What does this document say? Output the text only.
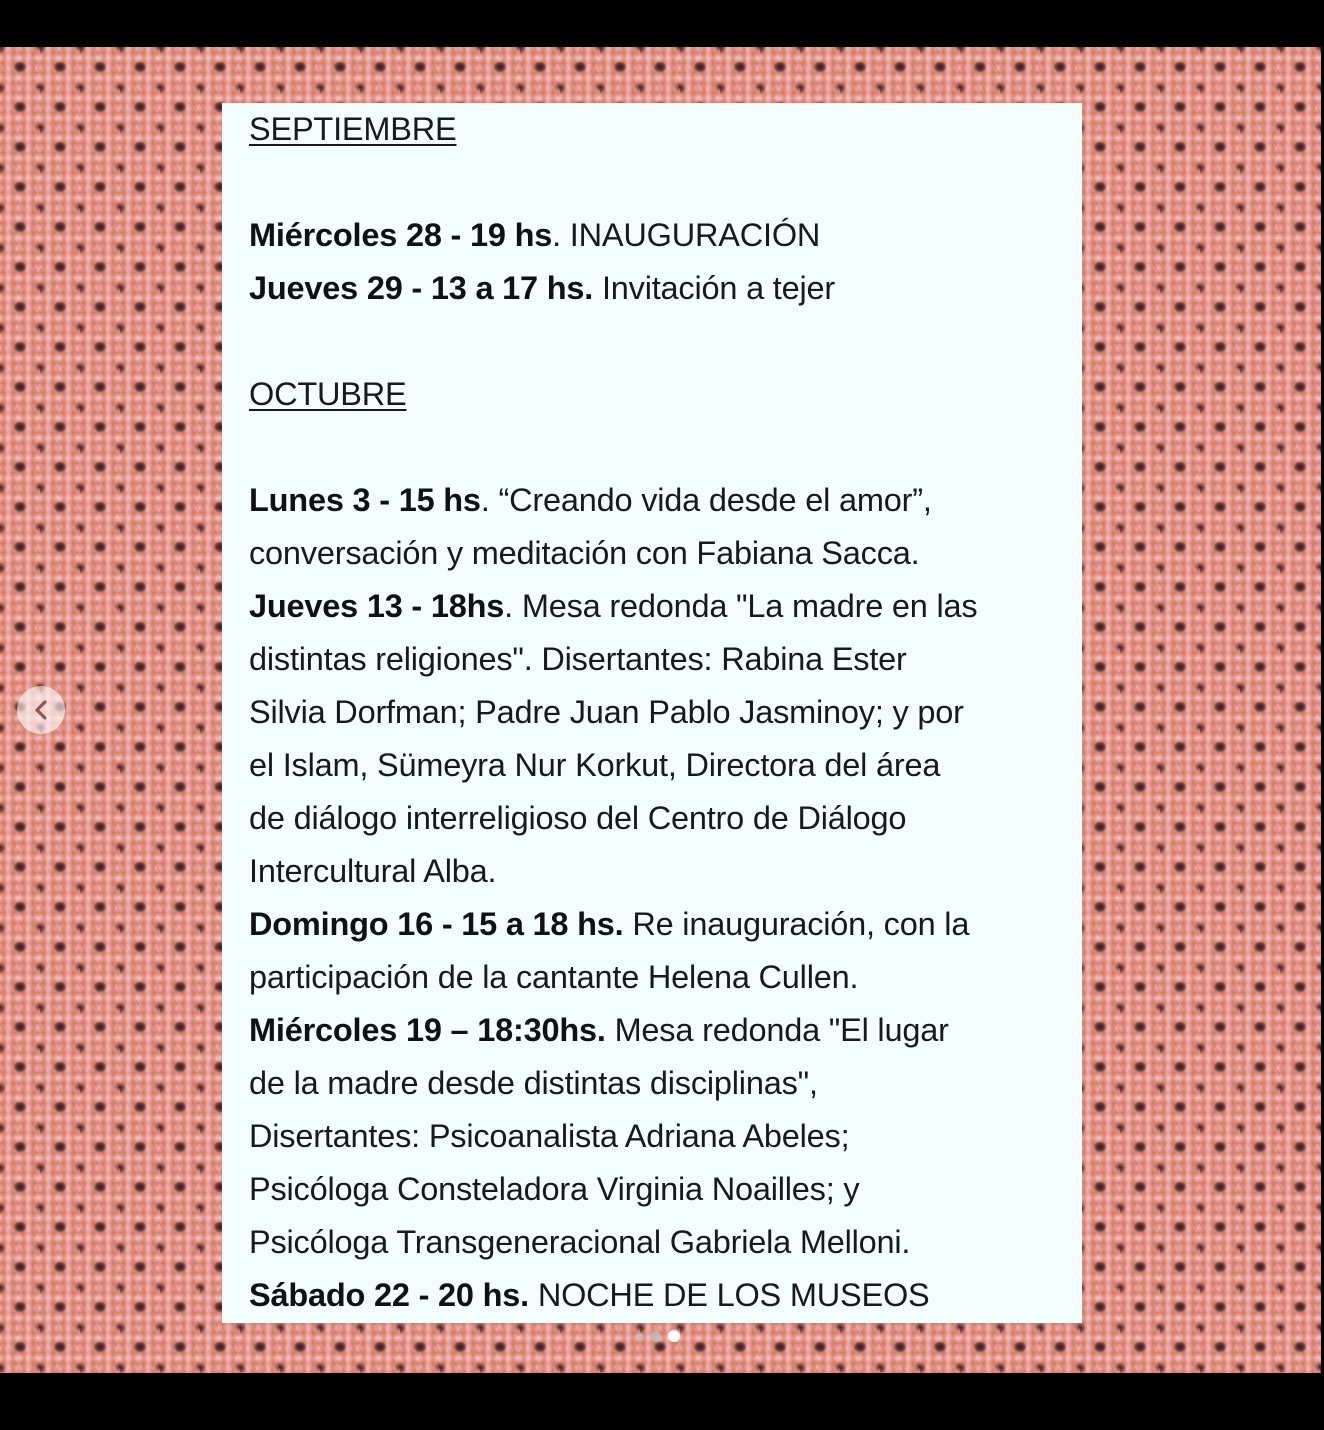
SEPTIEMBRE
Miércoles 28 - 19 hs. INAUGURACIÓN
Jueves 29 - 13 a 17 hs. Invitación a tejer
OCTUBRE
Lunes 3 - 15 hs. “Creando vida desde el amor”,
conversación y meditación con Fabiana Sacca.
Jueves 13 - 18hs. Mesa redonda "La madre en las
distintas religiones". Disertantes: Rabina Ester
Silvia Dorfman; Padre Juan Pablo Jasminoy; y por
el Islam, Sümeyra Nur Korkut, Directora del área
de diálogo interreligioso del Centro de Diálogo
Intercultural Alba.
Domingo 16 - 15 a 18 hs. Re inauguración, con la
participación de la cantante Helena Cullen.
Miércoles 19 – 18:30hs. Mesa redonda "El lugar
de la madre desde distintas disciplinas",
Disertantes: Psicoanalista Adriana Abeles;
Psicóloga Consteladora Virginia Noailles; y
Psicóloga Transgeneracional Gabriela Melloni.
Sábado 22 - 20 hs. NOCHE DE LOS MUSEOS
